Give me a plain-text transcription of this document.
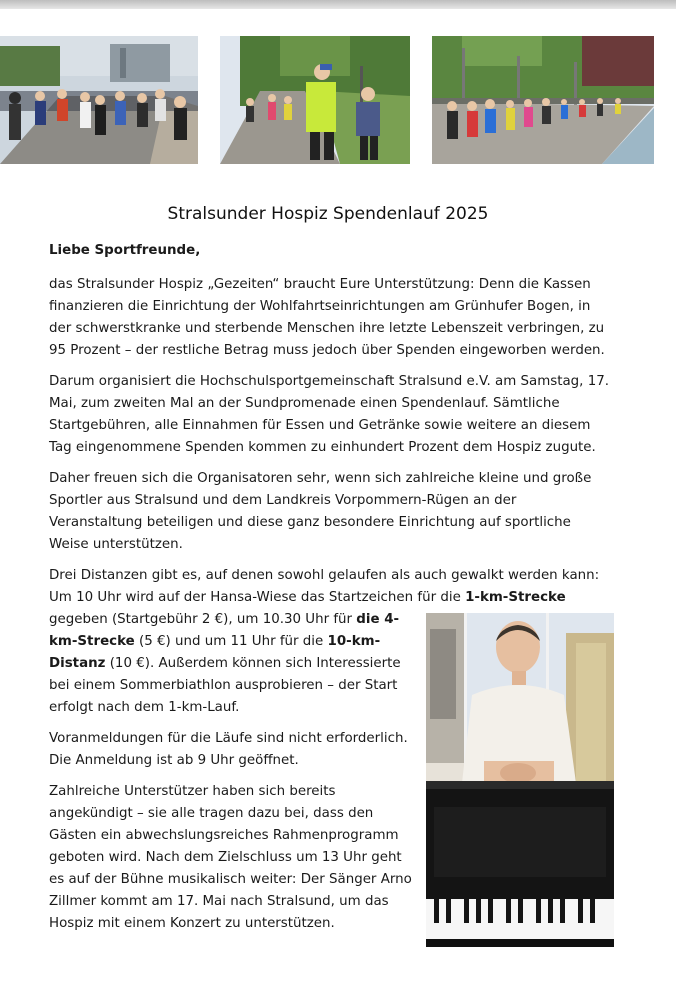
Stralsunder Hospiz Spendenlauf 2025

Liebe Sportfreunde,

das Stralsunder Hospiz „Gezeiten“ braucht Eure Unterstützung: Denn die Kassen finanzieren die Einrichtung der Wohlfahrtseinrichtungen am Grünhufer Bogen, in der schwerstkranke und sterbende Menschen ihre letzte Lebenszeit verbringen, zu 95 Prozent – der restliche Betrag muss jedoch über Spenden eingeworben werden.

Darum organisiert die Hochschulsportgemeinschaft Stralsund e.V. am Samstag, 17. Mai, zum zweiten Mal an der Sundpromenade einen Spendenlauf. Sämtliche Startgebühren, alle Einnahmen für Essen und Getränke sowie weitere an diesem Tag eingenommene Spenden kommen zu einhundert Prozent dem Hospiz zugute.

Daher freuen sich die Organisatoren sehr, wenn sich zahlreiche kleine und große Sportler aus Stralsund und dem Landkreis Vorpommern-Rügen an der Veranstaltung beteiligen und diese ganz besondere Einrichtung auf sportliche Weise unterstützen.

Drei Distanzen gibt es, auf denen sowohl gelaufen als auch gewalkt werden kann: Um 10 Uhr wird auf der Hansa-Wiese das Startzeichen für die 1-km-Strecke
gegeben (Startgebühr 2 €), um 10.30 Uhr für die 4-km-Strecke (5 €) und um 11 Uhr für die 10-km-Distanz (10 €). Außerdem können sich Interessierte bei einem Sommerbiathlon ausprobieren – der Start erfolgt nach dem 1-km-Lauf.

Voranmeldungen für die Läufe sind nicht erforderlich. Die Anmeldung ist ab 9 Uhr geöffnet.

Zahlreiche Unterstützer haben sich bereits angekündigt – sie alle tragen dazu bei, dass den Gästen ein abwechslungsreiches Rahmenprogramm geboten wird. Nach dem Zielschluss um 13 Uhr geht es auf der Bühne musikalisch weiter: Der Sänger Arno Zillmer kommt am 17. Mai nach Stralsund, um das Hospiz mit einem Konzert zu unterstützen.
